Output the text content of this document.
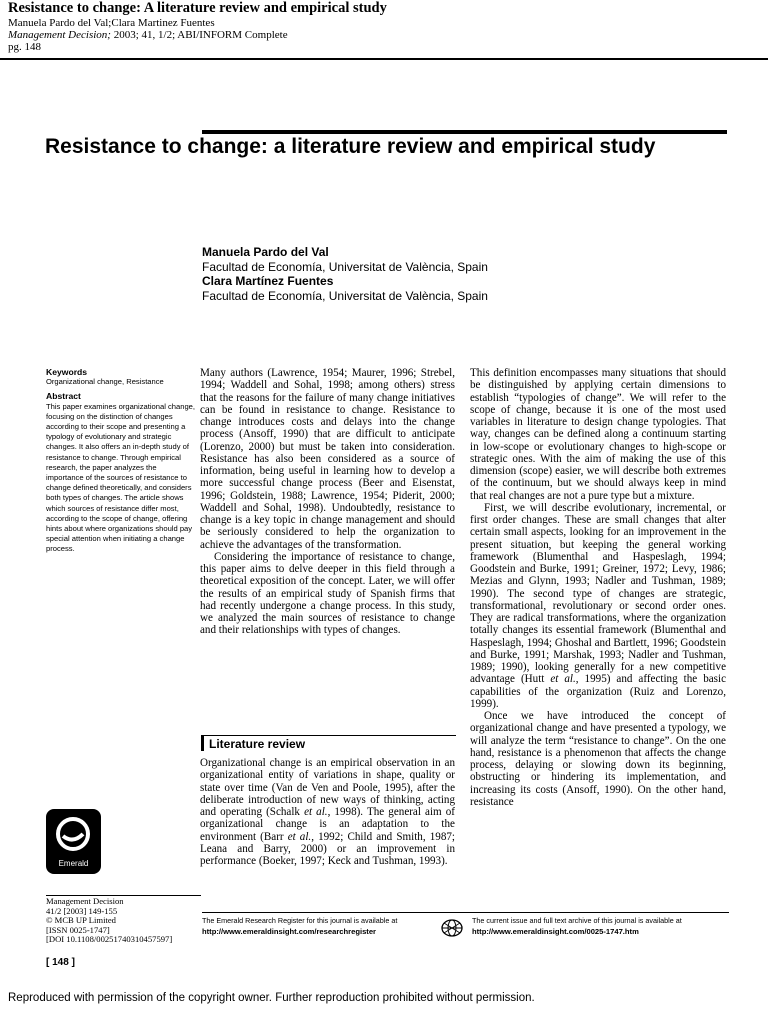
Resistance to change: A literature review and empirical study
Manuela Pardo del Val;Clara Martinez Fuentes
Management Decision; 2003; 41, 1/2; ABI/INFORM Complete
pg. 148
Resistance to change: a literature review and empirical study
Manuela Pardo del Val
Facultad de Economía, Universitat de València, Spain
Clara Martínez Fuentes
Facultad de Economía, Universitat de València, Spain
Keywords
Organizational change, Resistance
Abstract
This paper examines organizational change, focusing on the distinction of changes according to their scope and presenting a typology of evolutionary and strategic changes. It also offers an in-depth study of resistance to change. Through empirical research, the paper analyzes the importance of the sources of resistance to change defined theoretically, and considers both types of changes. The article shows which sources of resistance differ most, according to the scope of change, offering hints about where organizations should pay special attention when initiating a change process.

Many authors (Lawrence, 1954; Maurer, 1996; Strebel, 1994; Waddell and Sohal, 1998; among others) stress that the reasons for the failure of many change initiatives can be found in resistance to change. Resistance to change introduces costs and delays into the change process (Ansoff, 1990) that are difficult to anticipate (Lorenzo, 2000) but must be taken into consideration. Resistance has also been considered as a source of information, being useful in learning how to develop a more successful change process (Beer and Eisenstat, 1996; Goldstein, 1988; Lawrence, 1954; Piderit, 2000; Waddell and Sohal, 1998). Undoubtedly, resistance to change is a key topic in change management and should be seriously considered to help the organization to achieve the advantages of the transformation.

Considering the importance of resistance to change, this paper aims to delve deeper in this field through a theoretical exposition of the concept. Later, we will offer the results of an empirical study of Spanish firms that had recently undergone a change process. In this study, we analyzed the main sources of resistance to change and their relationships with types of changes.

Literature review

Organizational change is an empirical observation in an organizational entity of variations in shape, quality or state over time (Van de Ven and Poole, 1995), after the deliberate introduction of new ways of thinking, acting and operating (Schalk et al., 1998). The general aim of organizational change is an adaptation to the environment (Barr et al., 1992; Child and Smith, 1987; Leana and Barry, 2000) or an improvement in performance (Boeker, 1997; Keck and Tushman, 1993).

This definition encompasses many situations that should be distinguished by applying certain dimensions to establish “typologies of change”. We will refer to the scope of change, because it is one of the most used variables in literature to design change typologies. That way, changes can be defined along a continuum starting in low-scope or evolutionary changes to high-scope or strategic ones. With the aim of making the use of this dimension (scope) easier, we will describe both extremes of the continuum, but we should always keep in mind that real changes are not a pure type but a mixture.

First, we will describe evolutionary, incremental, or first order changes. These are small changes that alter certain small aspects, looking for an improvement in the present situation, but keeping the general working framework (Blumenthal and Haspeslagh, 1994; Goodstein and Burke, 1991; Greiner, 1972; Levy, 1986; Mezias and Glynn, 1993; Nadler and Tushman, 1989; 1990). The second type of changes are strategic, transformational, revolutionary or second order ones. They are radical transformations, where the organization totally changes its essential framework (Blumenthal and Haspeslagh, 1994; Ghoshal and Bartlett, 1996; Goodstein and Burke, 1991; Marshak, 1993; Nadler and Tushman, 1989; 1990), looking generally for a new competitive advantage (Hutt et al., 1995) and affecting the basic capabilities of the organization (Ruiz and Lorenzo, 1999).

Once we have introduced the concept of organizational change and have presented a typology, we will analyze the term “resistance to change”. On the one hand, resistance is a phenomenon that affects the change process, delaying or slowing down its beginning, obstructing or hindering its implementation, and increasing its costs (Ansoff, 1990). On the other hand, resistance

Emerald
Management Decision
41/2 [2003] 149-155
© MCB UP Limited
[ISSN 0025-1747]
[DOI 10.1108/00251740310457597]
The Emerald Research Register for this journal is available at
http://www.emeraldinsight.com/researchregister
The current issue and full text archive of this journal is available at
http://www.emeraldinsight.com/0025-1747.htm
[ 148 ]
Reproduced with permission of the copyright owner. Further reproduction prohibited without permission.
